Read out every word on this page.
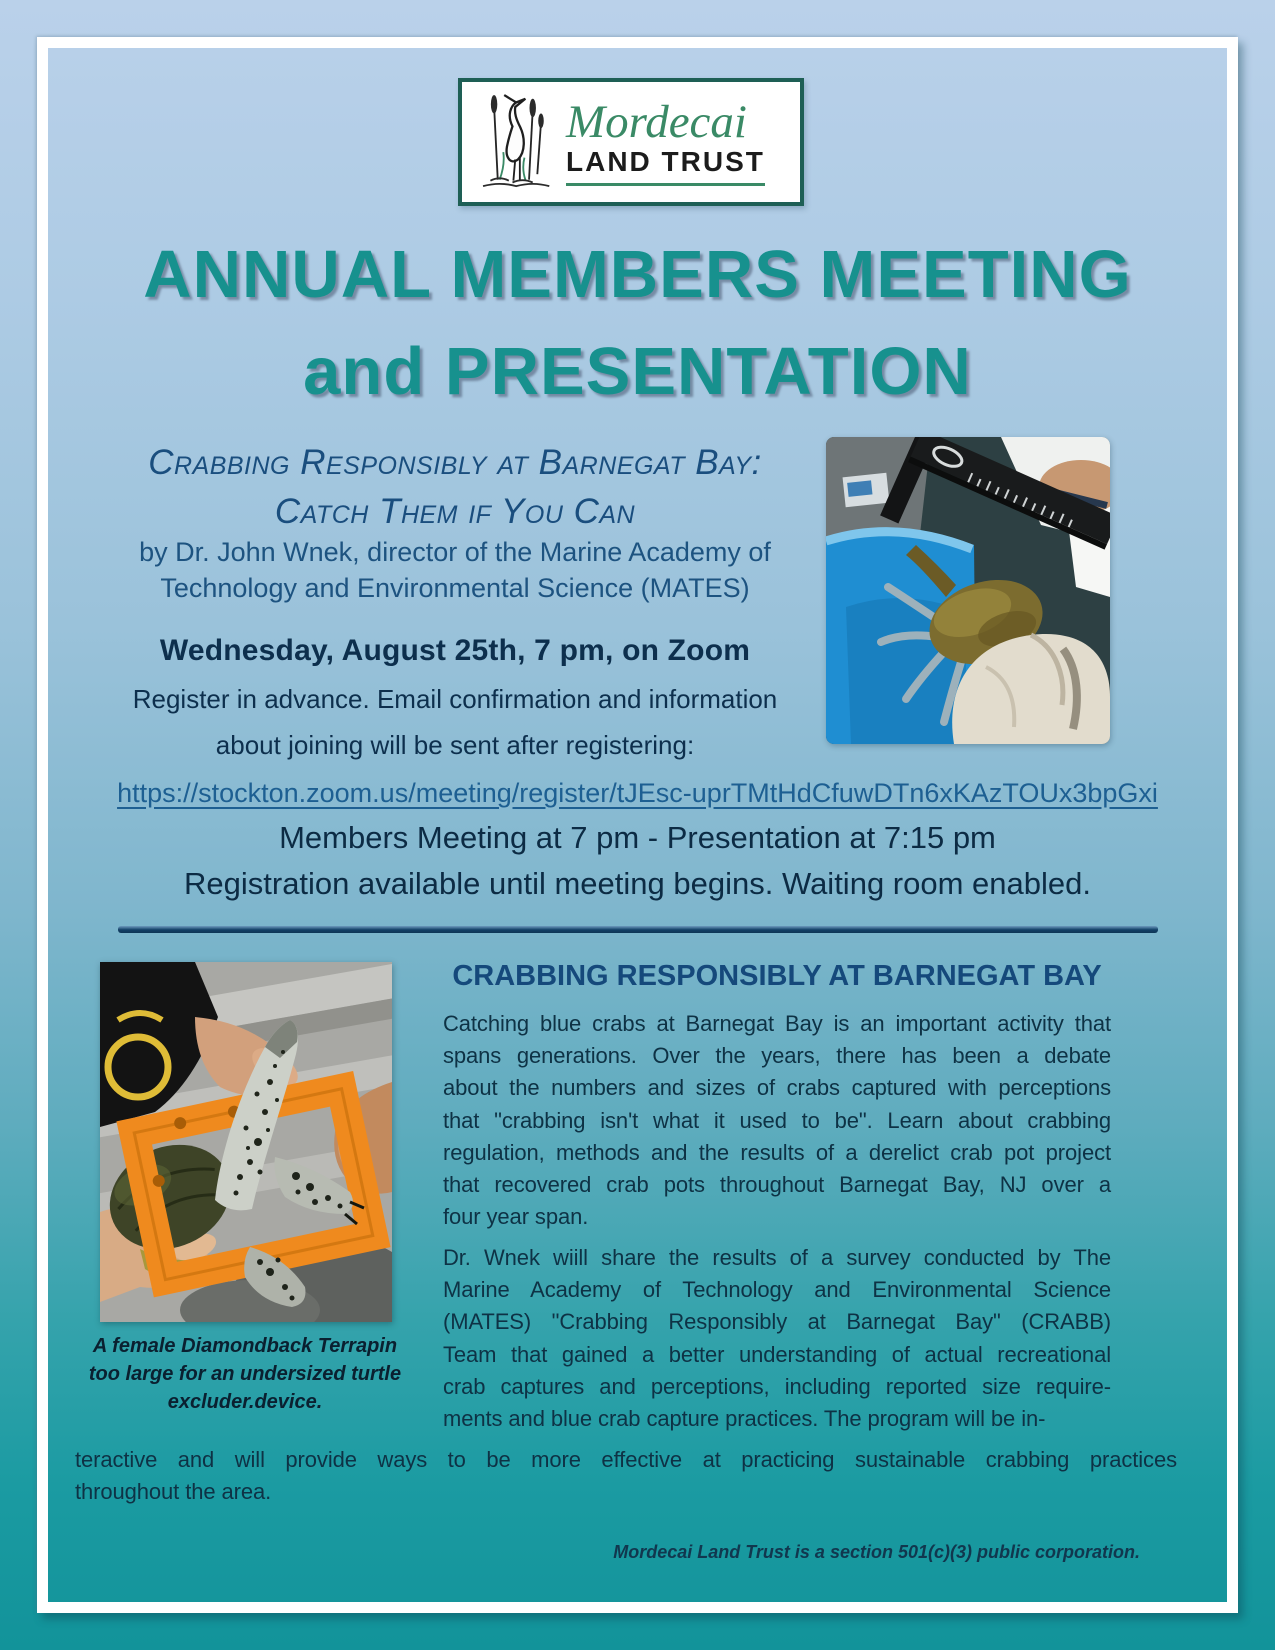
Mordecai
LAND TRUST
ANNUAL MEMBERS MEETING
and PRESENTATION
Crabbing Responsibly at Barnegat Bay:
Catch Them if You Can
by Dr. John Wnek, director of the Marine Academy of
Technology and Environmental Science (MATES)
Wednesday, August 25th, 7 pm, on Zoom
Register in advance. Email confirmation and information
about joining will be sent after registering:
https://stockton.zoom.us/meeting/register/tJEsc-uprTMtHdCfuwDTn6xKAzTOUx3bpGxi
Members Meeting at 7 pm - Presentation at 7:15 pm
Registration available until meeting begins. Waiting room enabled.
A female Diamondback Terrapin
too large for an undersized turtle
excluder.device.
CRABBING RESPONSIBLY AT BARNEGAT BAY
Catching blue crabs at Barnegat Bay is an important activity that
spans generations. Over the years, there has been a debate
about the numbers and sizes of crabs captured with perceptions
that "crabbing isn't what it used to be". Learn about crabbing
regulation, methods and the results of a derelict crab pot project
that recovered crab pots throughout Barnegat Bay, NJ over a
four year span.
Dr. Wnek wiill share the results of a survey conducted by The
Marine Academy of Technology and Environmental Science
(MATES) "Crabbing Responsibly at Barnegat Bay" (CRABB)
Team that gained a better understanding of actual recreational
crab captures and perceptions, including reported size require-
ments and blue crab capture practices. The program will be in-
teractive and will provide ways to be more effective at practicing sustainable crabbing practices
throughout the area.
Mordecai Land Trust is a section 501(c)(3) public corporation.
